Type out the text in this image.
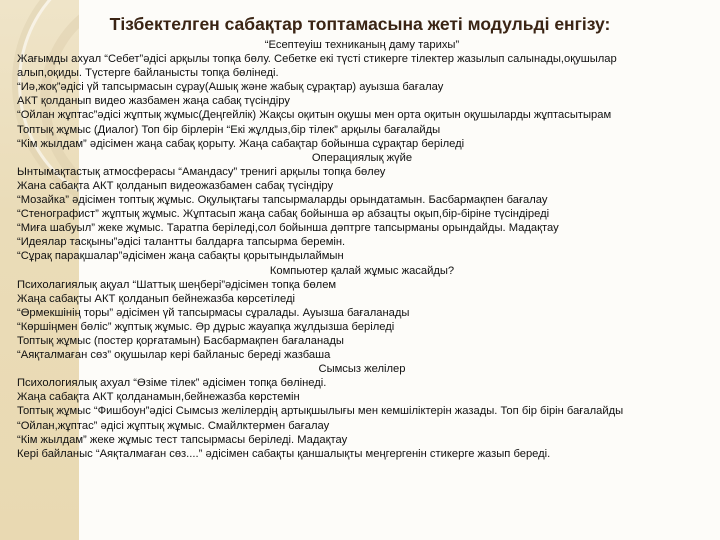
Тізбектелген сабақтар топтамасына жеті модульді енгізу:
“Есептеуіш техниканың даму тарихы”
Жағымды ахуал “Себет”әдісі арқылы топқа бөлу. Себетке екі түсті стикерге тілектер жазылып салынады,оқушылар
алып,оқиды. Түстерге байланысты топқа бөлінеді.
“Иә,жоқ”әдісі үй тапсырмасын сұрау(Ашық және жабық сұрақтар) ауызша бағалау
АКТ қолданып видео жазбамен жаңа сабақ түсіндіру
“Ойлан жұптас”әдісі жұптық жұмыс(Деңгейлік) Жақсы оқитын оқушы мен орта оқитын оқушыларды жұптасытырам
Топтық жұмыс (Диалог) Топ бір бірлерін “Екі жұлдыз,бір тілек” арқылы бағалайды
“Кім жылдам” әдісімен жаңа сабақ қорыту. Жаңа сабақтар бойынша сұрақтар беріледі
Операциялық жүйе
Ынтымақтастық атмосферасы “Амандасу” тренигі арқылы топқа бөлеу
Жана сабақта АКТ қолданып видеожазбамен сабақ түсіндіру
“Мозайка” әдісімен топтық жұмыс. Оқулықтағы тапсырмаларды орындатамын. Басбармақпен бағалау
“Стенографист” жұптық жұмыс. Жұптасып жаңа сабақ бойынша әр абзацты оқып,бір-біріне түсіндіреді
“Миға шабуыл” жеке жұмыс. Таратпа беріледі,сол бойынша дәптрге тапсырманы орындайды. Мадақтау
“Идеялар тасқыны”әдісі талантты балдарға тапсырма беремін.
“Сұрақ парақшалар”әдісімен жаңа сабақты қорытындылаймын
Компьютер қалай жұмыс жасайды?
Психолагиялық ақуал “Шаттық шеңбері”әдісімен топқа бөлем
Жаңа сабақты АКТ қолданып бейнежазба көрсетіледі
“Өрмекшінің торы” әдісімен үй тапсырмасы сұралады. Ауызша бағаланады
“Көршіңмен бөліс” жұптық жұмыс. Әр дұрыс жауапқа жұлдызша беріледі
Топтық жұмыс (постер қорғатамын) Басбармақпен бағаланады
“Аяқталмаған сөз” оқушылар кері байланыс береді жазбаша
Сымсыз желілер
Психологиялық ахуал “Өзіме тілек” әдісімен топқа бөлінеді.
Жаңа сабақта АКТ қолданамын,бейнежазба көрстемін
Топтық жұмыс “Фишбоун”әдісі Сымсыз желілердің артықшылығы мен кемшіліктерін жазады. Топ бір бірін бағалайды
“Ойлан,жұптас” әдісі жұптық жұмыс. Смайлктермен бағалау
“Кім жылдам” жеке жұмыс тест тапсырмасы беріледі. Мадақтау
Кері байланыс “Аяқталмаған сөз....” әдісімен сабақты қаншалықты меңгергенін стикерге жазып береді.
